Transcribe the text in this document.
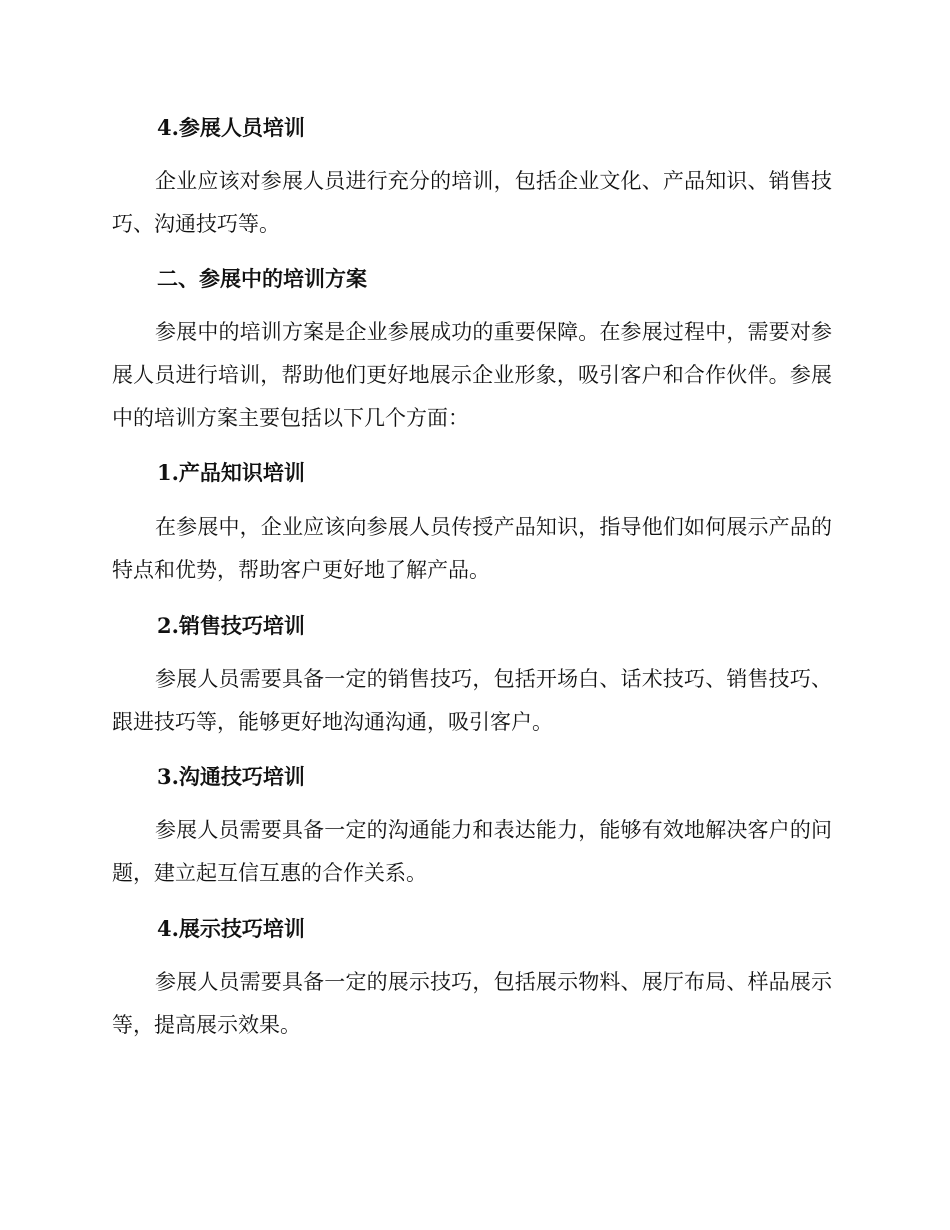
4.参展人员培训

企业应该对参展人员进行充分的培训，包括企业文化、产品知识、销售技巧、沟通技巧等。

二、参展中的培训方案

参展中的培训方案是企业参展成功的重要保障。在参展过程中，需要对参展人员进行培训，帮助他们更好地展示企业形象，吸引客户和合作伙伴。参展中的培训方案主要包括以下几个方面：

1.产品知识培训

在参展中，企业应该向参展人员传授产品知识，指导他们如何展示产品的特点和优势，帮助客户更好地了解产品。

2.销售技巧培训

参展人员需要具备一定的销售技巧，包括开场白、话术技巧、销售技巧、跟进技巧等，能够更好地沟通沟通，吸引客户。

3.沟通技巧培训

参展人员需要具备一定的沟通能力和表达能力，能够有效地解决客户的问题，建立起互信互惠的合作关系。

4.展示技巧培训

参展人员需要具备一定的展示技巧，包括展示物料、展厅布局、样品展示等，提高展示效果。
